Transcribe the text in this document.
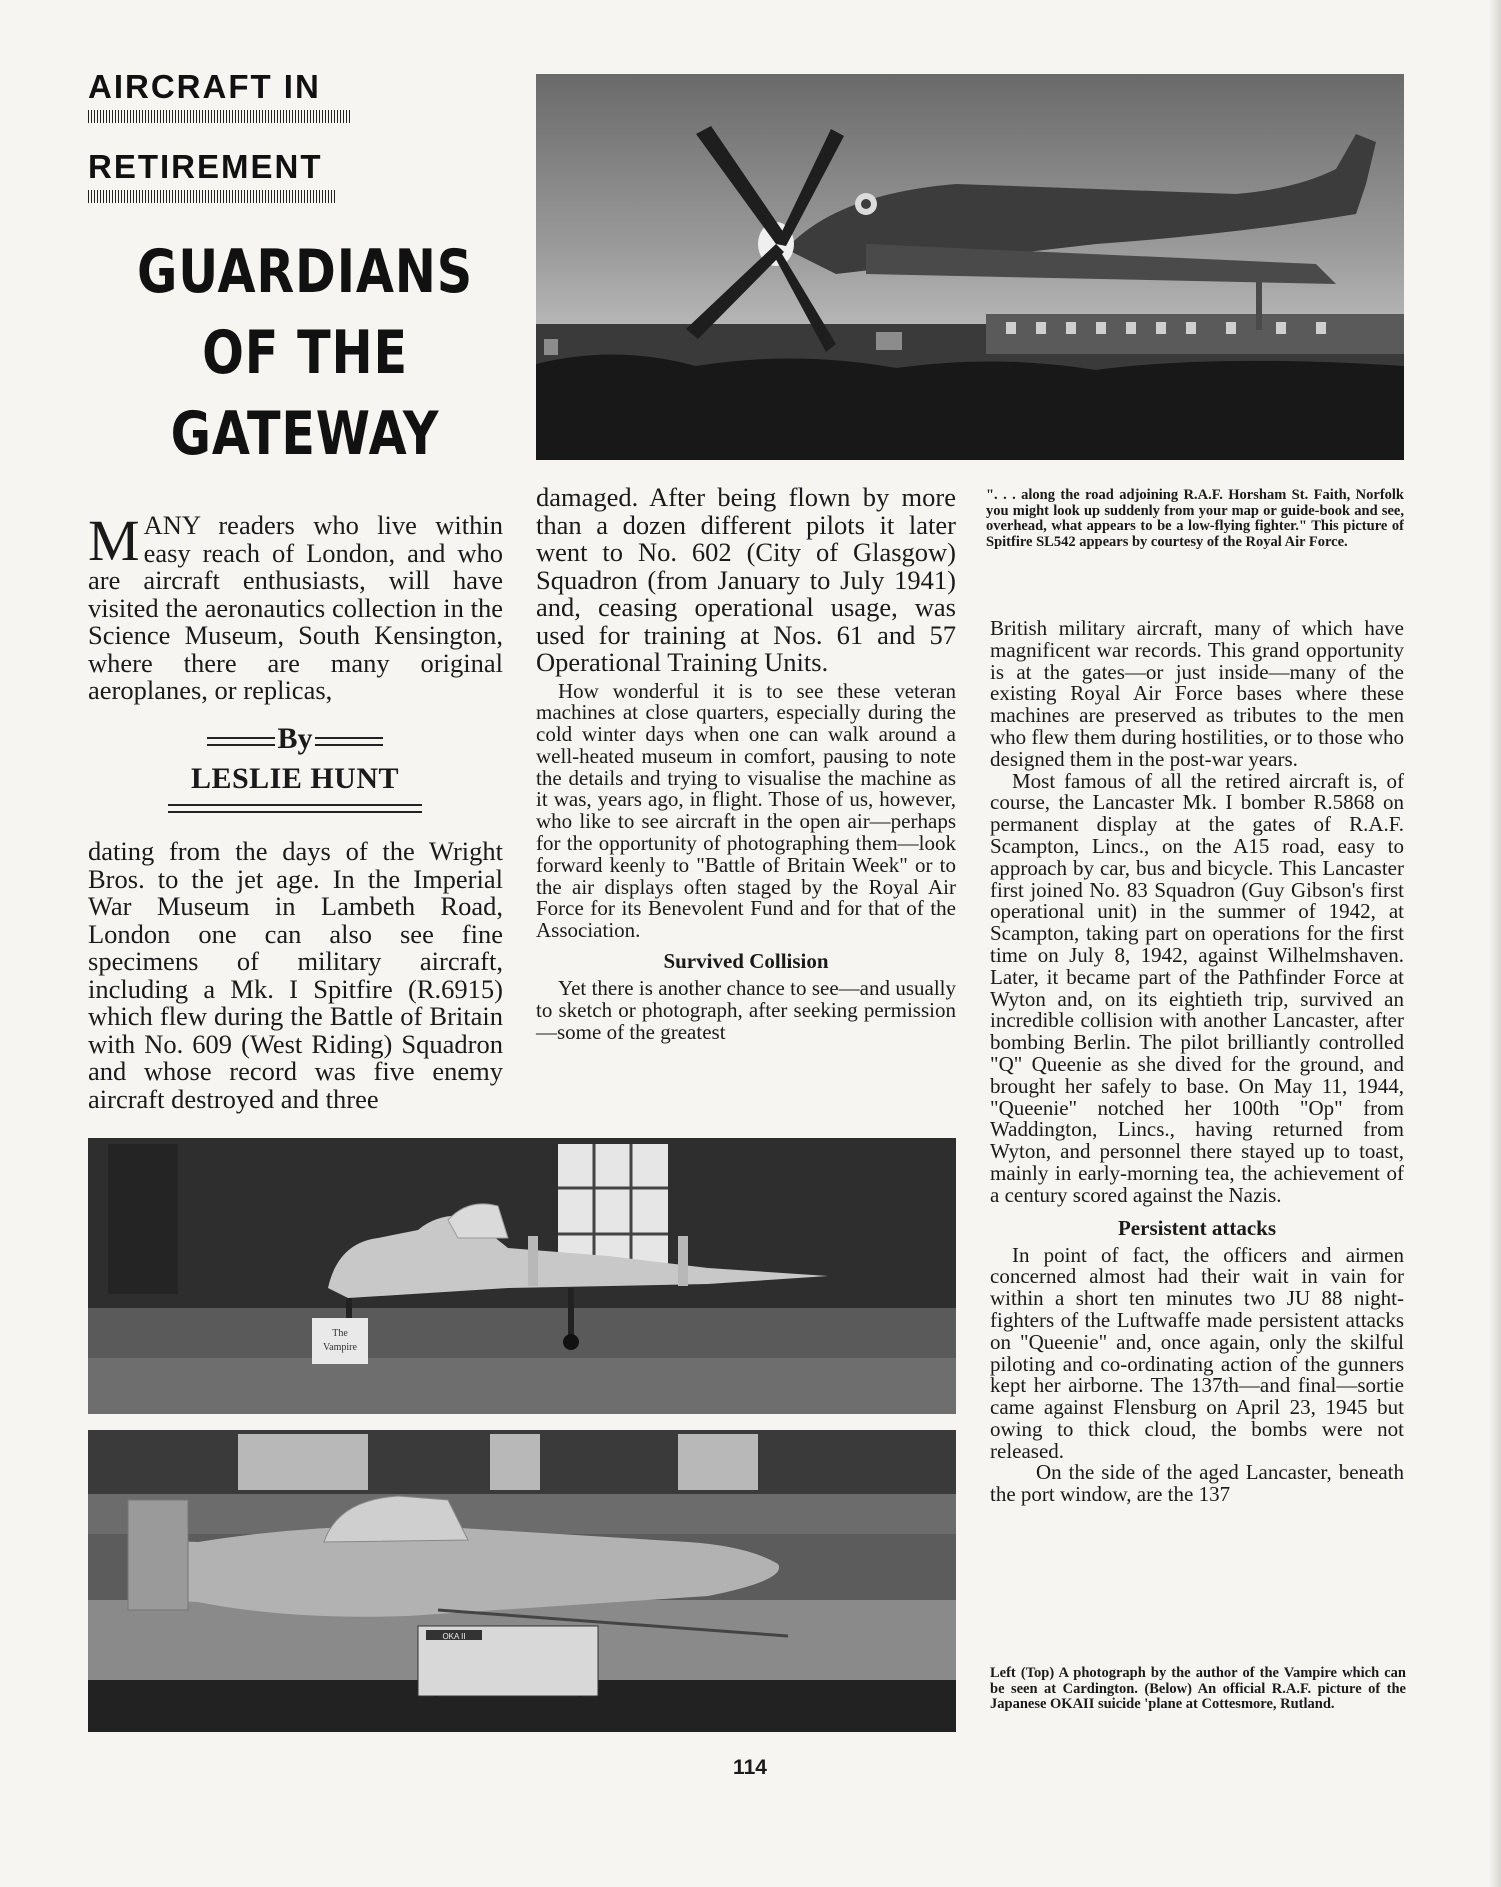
AIRCRAFT IN
RETIREMENT
GUARDIANS
OF THE
GATEWAY

MANY readers who live within easy reach of London, and who are aircraft enthusiasts, will have visited the aeronautics collection in the Science Museum, South Kensington, where there are many original aeroplanes, or replicas,

By
LESLIE HUNT

dating from the days of the Wright Bros. to the jet age. In the Imperial War Museum in Lambeth Road, London one can also see fine specimens of military aircraft, including a Mk. I Spitfire (R.6915) which flew during the Battle of Britain with No. 609 (West Riding) Squadron and whose record was five enemy aircraft destroyed and three

damaged. After being flown by more than a dozen different pilots it later went to No. 602 (City of Glasgow) Squadron (from January to July 1941) and, ceasing operational usage, was used for training at Nos. 61 and 57 Operational Training Units.

How wonderful it is to see these veteran machines at close quarters, especially during the cold winter days when one can walk around a well-heated museum in comfort, pausing to note the details and trying to visualise the machine as it was, years ago, in flight. Those of us, however, who like to see aircraft in the open air—perhaps for the opportunity of photographing them—look forward keenly to "Battle of Britain Week" or to the air displays often staged by the Royal Air Force for its Benevolent Fund and for that of the Association.

Survived Collision

Yet there is another chance to see—and usually to sketch or photograph, after seeking permission—some of the greatest

". . . along the road adjoining R.A.F. Horsham St. Faith, Norfolk you might look up suddenly from your map or guide-book and see, overhead, what appears to be a low-flying fighter." This picture of Spitfire SL542 appears by courtesy of the Royal Air Force.

British military aircraft, many of which have magnificent war records. This grand opportunity is at the gates—or just inside—many of the existing Royal Air Force bases where these machines are preserved as tributes to the men who flew them during hostilities, or to those who designed them in the post-war years.

Most famous of all the retired aircraft is, of course, the Lancaster Mk. I bomber R.5868 on permanent display at the gates of R.A.F. Scampton, Lincs., on the A15 road, easy to approach by car, bus and bicycle. This Lancaster first joined No. 83 Squadron (Guy Gibson's first operational unit) in the summer of 1942, at Scampton, taking part on operations for the first time on July 8, 1942, against Wilhelmshaven. Later, it became part of the Pathfinder Force at Wyton and, on its eightieth trip, survived an incredible collision with another Lancaster, after bombing Berlin. The pilot brilliantly controlled "Q" Queenie as she dived for the ground, and brought her safely to base. On May 11, 1944, "Queenie" notched her 100th "Op" from Waddington, Lincs., having returned from Wyton, and personnel there stayed up to toast, mainly in early-morning tea, the achievement of a century scored against the Nazis.

Persistent attacks

In point of fact, the officers and airmen concerned almost had their wait in vain for within a short ten minutes two JU 88 night-fighters of the Luftwaffe made persistent attacks on "Queenie" and, once again, only the skilful piloting and co-ordinating action of the gunners kept her airborne. The 137th—and final—sortie came against Flensburg on April 23, 1945 but owing to thick cloud, the bombs were not released.

On the side of the aged Lancaster, beneath the port window, are the 137

The
Vampire
OKA II
Left (Top) A photograph by the author of the Vampire which can be seen at Cardington. (Below) An official R.A.F. picture of the Japanese OKAII suicide 'plane at Cottesmore, Rutland.
114
